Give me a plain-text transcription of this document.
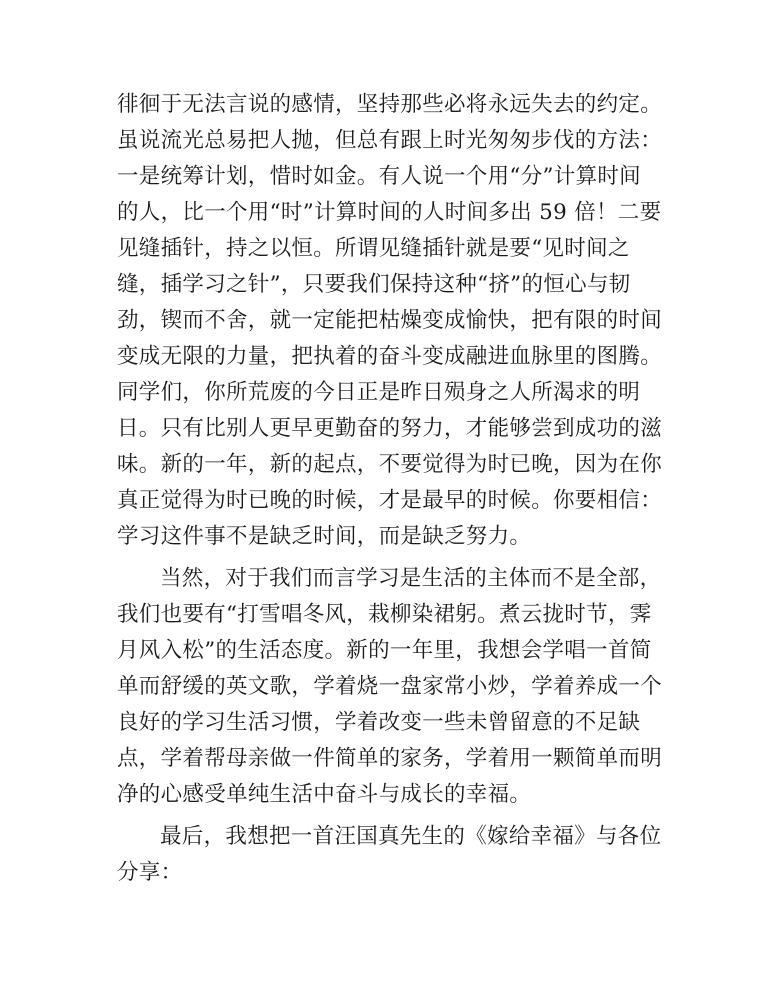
徘徊于无法言说的感情，坚持那些必将永远失去的约定。
虽说流光总易把人抛，但总有跟上时光匆匆步伐的方法：
一是统筹计划，惜时如金。有人说一个用“分”计算时间
的人，比一个用“时”计算时间的人时间多出 59 倍！二要
见缝插针，持之以恒。所谓见缝插针就是要“见时间之
缝，插学习之针”，只要我们保持这种“挤”的恒心与韧
劲，锲而不舍，就一定能把枯燥变成愉快，把有限的时间
变成无限的力量，把执着的奋斗变成融进血脉里的图腾。
同学们，你所荒废的今日正是昨日殒身之人所渴求的明
日。只有比别人更早更勤奋的努力，才能够尝到成功的滋
味。新的一年，新的起点，不要觉得为时已晚，因为在你
真正觉得为时已晚的时候，才是最早的时候。你要相信：
学习这件事不是缺乏时间，而是缺乏努力。
当然，对于我们而言学习是生活的主体而不是全部，
我们也要有“打雪唱冬风，栽柳染裙躬。煮云拢时节，霁
月风入松”的生活态度。新的一年里，我想会学唱一首简
单而舒缓的英文歌，学着烧一盘家常小炒，学着养成一个
良好的学习生活习惯，学着改变一些未曾留意的不足缺
点，学着帮母亲做一件简单的家务，学着用一颗简单而明
净的心感受单纯生活中奋斗与成长的幸福。
最后，我想把一首汪国真先生的《嫁给幸福》与各位
分享：
